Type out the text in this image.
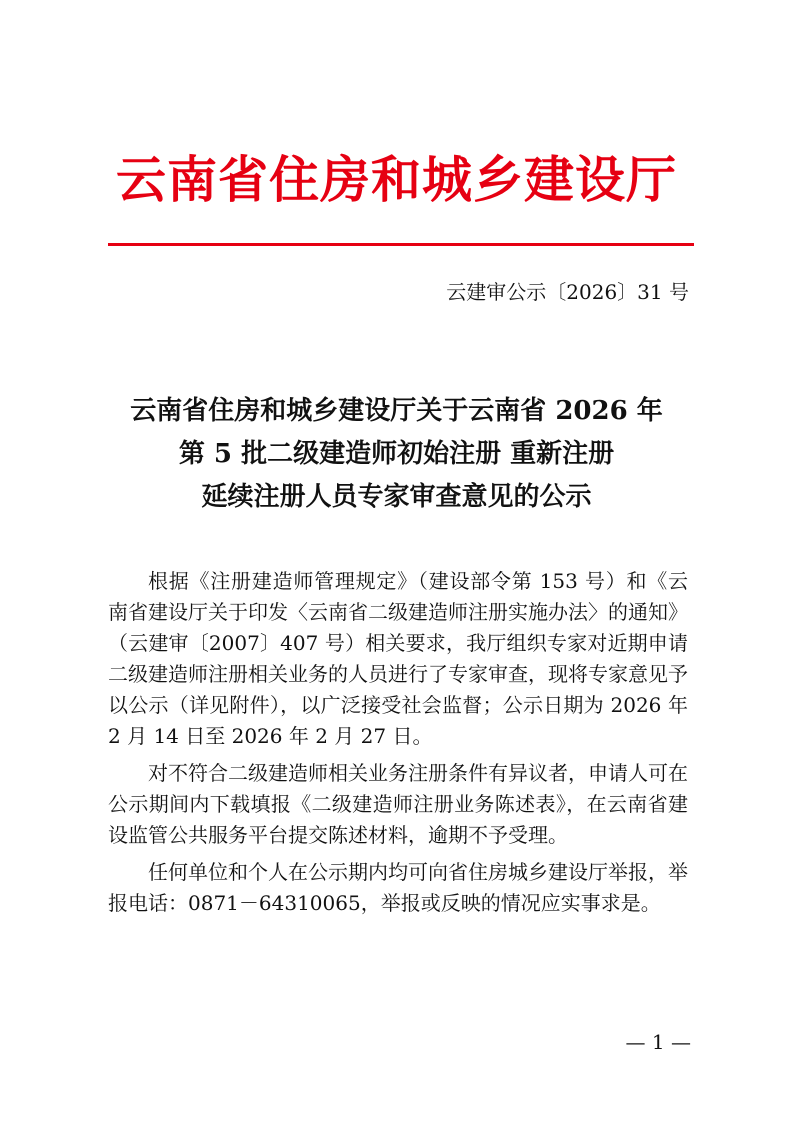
云南省住房和城乡建设厅
云建审公示〔2026〕31 号
云南省住房和城乡建设厅关于云南省 2026 年
第 5 批二级建造师初始注册 重新注册
延续注册人员专家审查意见的公示

根据《注册建造师管理规定》（建设部令第 153 号）和《云南省建设厅关于印发〈云南省二级建造师注册实施办法〉的通知》（云建审〔2007〕407 号）相关要求，我厅组织专家对近期申请二级建造师注册相关业务的人员进行了专家审查，现将专家意见予以公示（详见附件），以广泛接受社会监督；公示日期为 2026 年 2 月 14 日至 2026 年 2 月 27 日。

对不符合二级建造师相关业务注册条件有异议者，申请人可在公示期间内下载填报《二级建造师注册业务陈述表》，在云南省建设监管公共服务平台提交陈述材料，逾期不予受理。

任何单位和个人在公示期内均可向省住房城乡建设厅举报，举报电话：0871－64310065，举报或反映的情况应实事求是。

— 1 —
